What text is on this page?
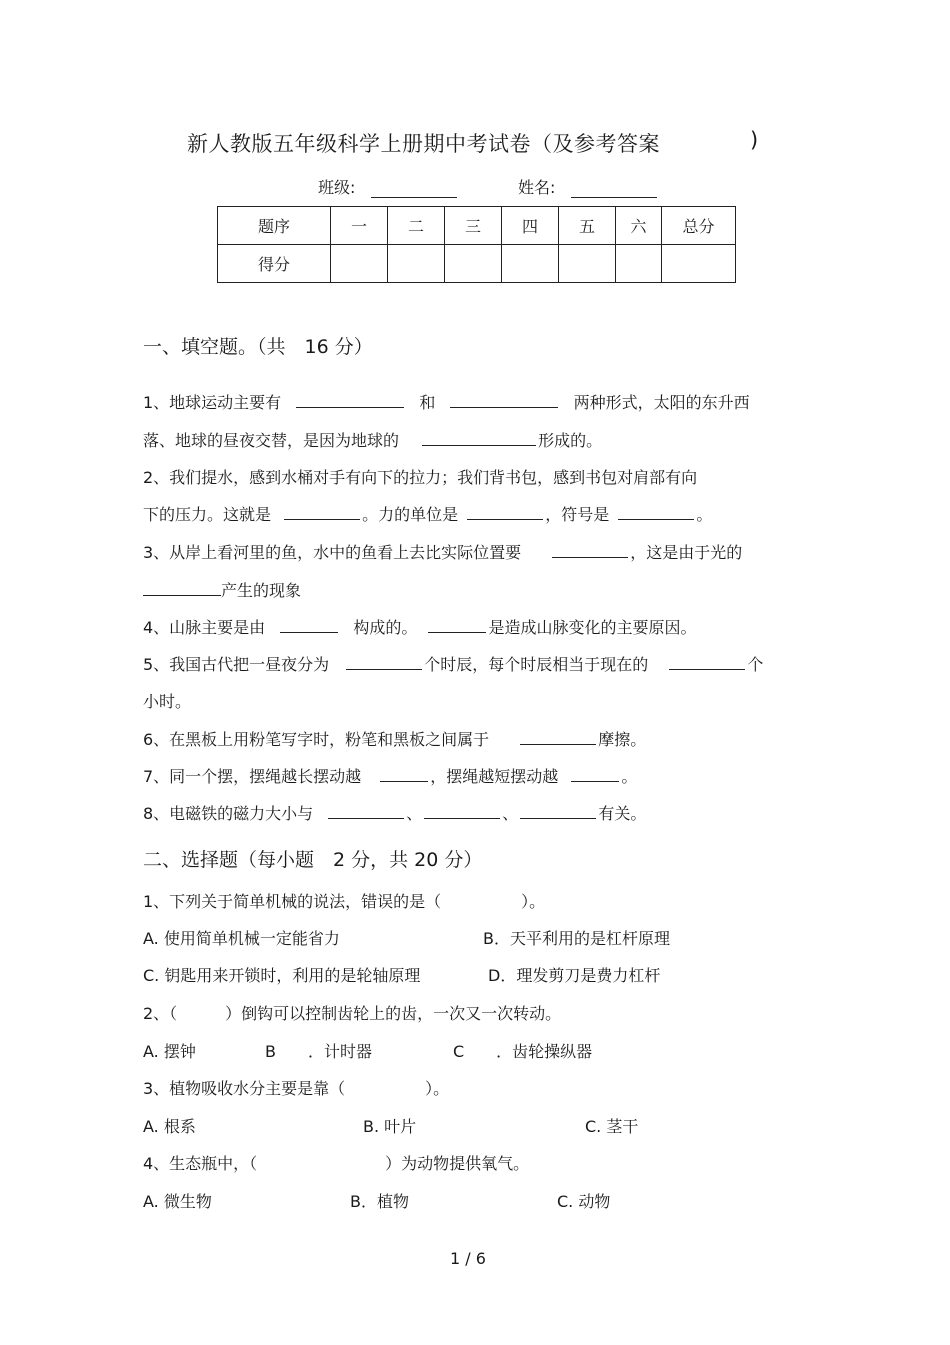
新人教版五年级科学上册期中考试卷（及参考答案	)
班级:	姓名:
题序	一	二	三	四	五	六	总分
得分							
一、填空题。（共　16 分）
1、地球运动主要有	和	两种形式，太阳的东升西
落、地球的昼夜交替，是因为地球的	形成的。
2、我们提水，感到水桶对手有向下的拉力；我们背书包，感到书包对肩部有向
下的压力。这就是	。力的单位是	，符号是	。
3、从岸上看河里的鱼，水中的鱼看上去比实际位置要	，这是由于光的
产生的现象
4、山脉主要是由	构成的。	是造成山脉变化的主要原因。
5、我国古代把一昼夜分为	个时辰，每个时辰相当于现在的	个
小时。
6、在黑板上用粉笔写字时，粉笔和黑板之间属于	摩擦。
7、同一个摆，摆绳越长摆动越	，摆绳越短摆动越	。
8、电磁铁的磁力大小与	、	、	有关。
二、选择题（每小题　2 分，共 20 分）
1、下列关于简单机械的说法，错误的是（　　　　　）。
A. 使用简单机械一定能省力	B．天平利用的是杠杆原理
C. 钥匙用来开锁时，利用的是轮轴原理	D．理发剪刀是费力杠杆
2、（　　　）倒钩可以控制齿轮上的齿，一次又一次转动。
A. 摆钟	B　　．计时器	C　　．齿轮操纵器
3、植物吸收水分主要是靠（　　　　　）。
A. 根系	B. 叶片	C. 茎干
4、生态瓶中，（　　　　　　　　）为动物提供氧气。
A. 微生物	B．植物	C. 动物
1 / 6
